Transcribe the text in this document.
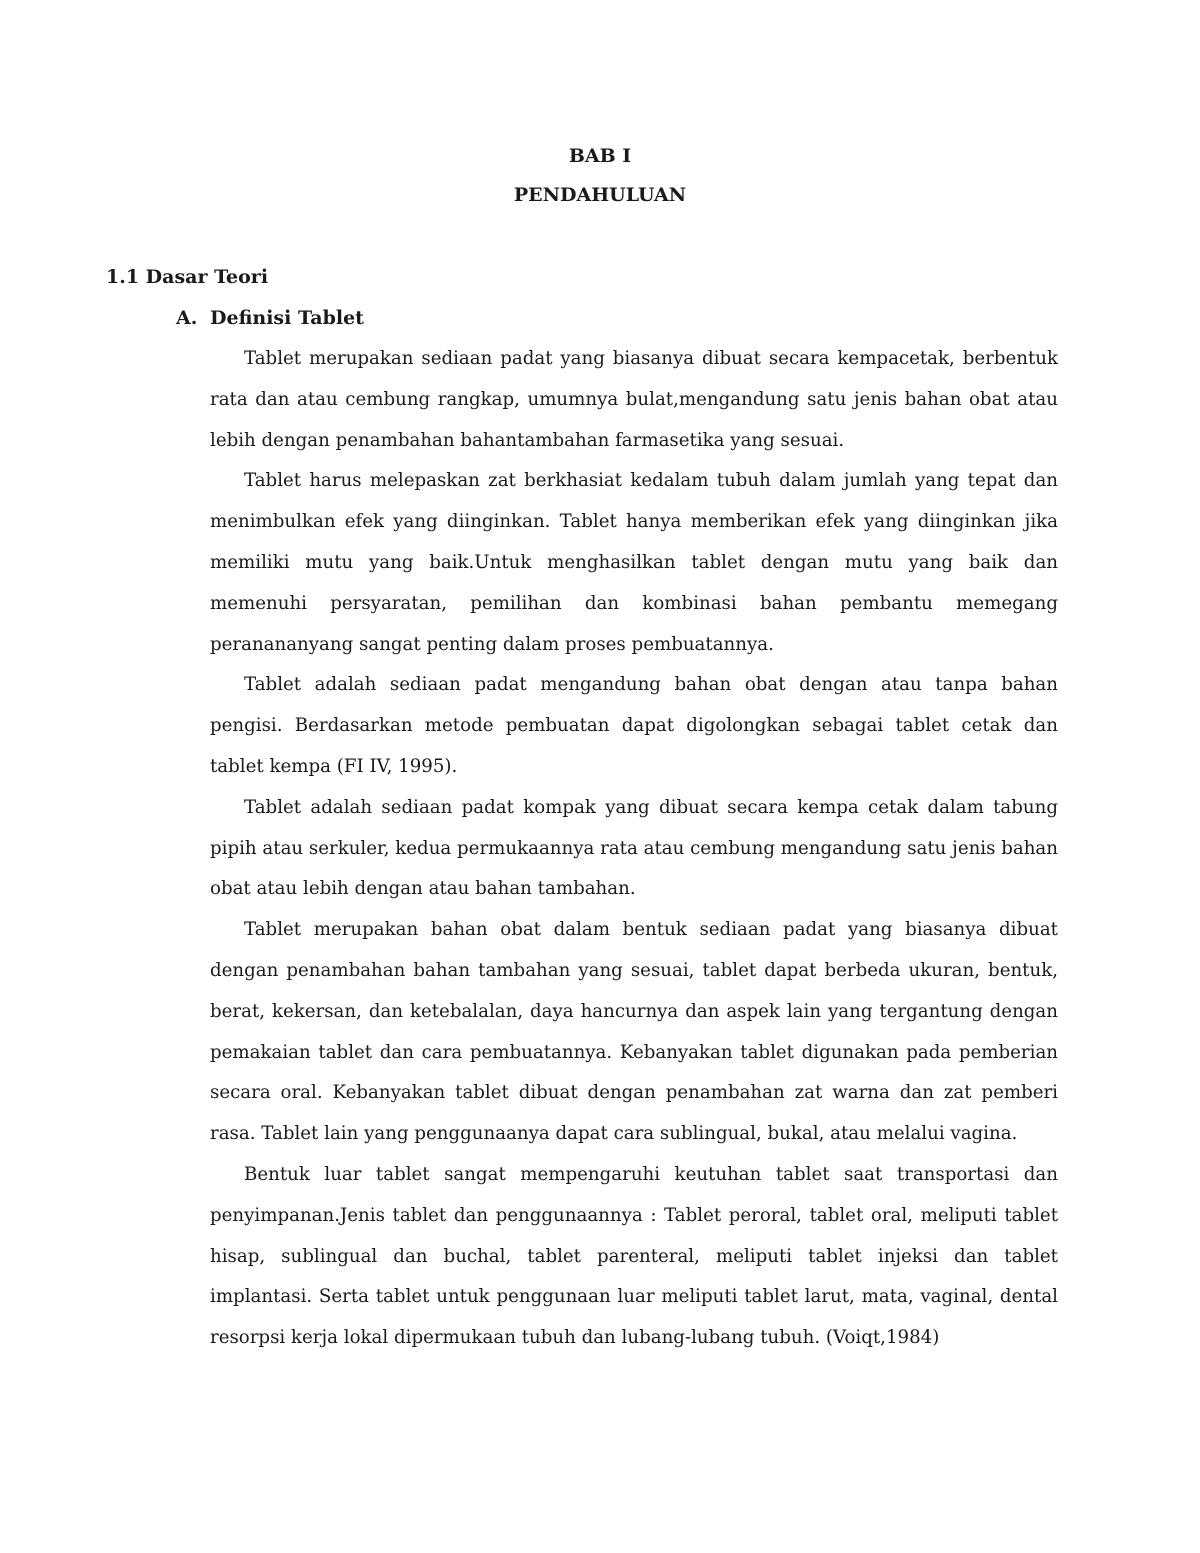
BAB I
PENDAHULUAN
1.1 Dasar Teori
A. Definisi Tablet

Tablet merupakan sediaan padat yang biasanya dibuat secara kempacetak, berbentuk rata dan atau cembung rangkap, umumnya bulat,mengandung satu jenis bahan obat atau lebih dengan penambahan bahantambahan farmasetika yang sesuai.

Tablet harus melepaskan zat berkhasiat kedalam tubuh dalam jumlah yang tepat dan menimbulkan efek yang diinginkan. Tablet hanya memberikan efek yang diinginkan jika memiliki mutu yang baik.Untuk menghasilkan tablet dengan mutu yang baik dan memenuhi persyaratan, pemilihan dan kombinasi bahan pembantu memegang peranananyang sangat penting dalam proses pembuatannya.

Tablet adalah sediaan padat mengandung bahan obat dengan atau tanpa bahan pengisi. Berdasarkan metode pembuatan dapat digolongkan sebagai tablet cetak dan tablet kempa (FI IV, 1995).

Tablet adalah sediaan padat kompak yang dibuat secara kempa cetak dalam tabung pipih atau serkuler, kedua permukaannya rata atau cembung mengandung satu jenis bahan obat atau lebih dengan atau bahan tambahan.

Tablet merupakan bahan obat dalam bentuk sediaan padat yang biasanya dibuat dengan penambahan bahan tambahan yang sesuai, tablet dapat berbeda ukuran, bentuk, berat, kekersan, dan ketebalalan, daya hancurnya dan aspek lain yang tergantung dengan pemakaian tablet dan cara pembuatannya. Kebanyakan tablet digunakan pada pemberian secara oral. Kebanyakan tablet dibuat dengan penambahan zat warna dan zat pemberi rasa. Tablet lain yang penggunaanya dapat cara sublingual, bukal, atau melalui vagina.

Bentuk luar tablet sangat mempengaruhi keutuhan tablet saat transportasi dan penyimpanan.Jenis tablet dan penggunaannya : Tablet peroral, tablet oral, meliputi tablet hisap, sublingual dan buchal, tablet parenteral, meliputi tablet injeksi dan tablet implantasi. Serta tablet untuk penggunaan luar meliputi tablet larut, mata, vaginal, dental resorpsi kerja lokal dipermukaan tubuh dan lubang-lubang tubuh. (Voiqt,1984)
